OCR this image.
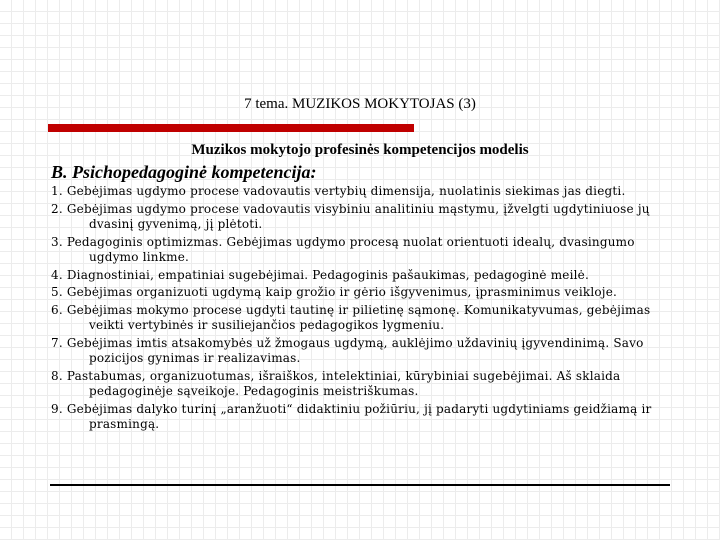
7 tema. MUZIKOS MOKYTOJAS (3)
Muzikos mokytojo profesinės kompetencijos modelis
B. Psichopedagoginė kompetencija:
1. Gebėjimas ugdymo procese vadovautis vertybių dimensija, nuolatinis siekimas jas diegti.
2. Gebėjimas ugdymo procese vadovautis visybiniu analitiniu mąstymu, įžvelgti ugdytiniuose jų dvasinį gyvenimą, jį plėtoti.
3. Pedagoginis optimizmas. Gebėjimas ugdymo procesą nuolat orientuoti idealų, dvasingumo ugdymo linkme.
4. Diagnostiniai, empatiniai sugebėjimai. Pedagoginis pašaukimas, pedagoginė meilė.
5. Gebėjimas organizuoti ugdymą kaip grožio ir gėrio išgyvenimus, įprasminimus veikloje.
6. Gebėjimas mokymo procese ugdyti tautinę ir pilietinę sąmonę. Komunikatyvumas, gebėjimas veikti vertybinės ir susiliejančios pedagogikos lygmeniu.
7. Gebėjimas imtis atsakomybės už žmogaus ugdymą, auklėjimo uždavinių įgyvendinimą. Savo pozicijos gynimas ir realizavimas.
8. Pastabumas, organizuotumas, išraiškos, intelektiniai, kūrybiniai sugebėjimai. Aš sklaida pedagoginėje sąveikoje. Pedagoginis meistriškumas.
9. Gebėjimas dalyko turinį „aranžuoti“ didaktiniu požiūriu, jį padaryti ugdytiniams geidžiamą ir prasmingą.
